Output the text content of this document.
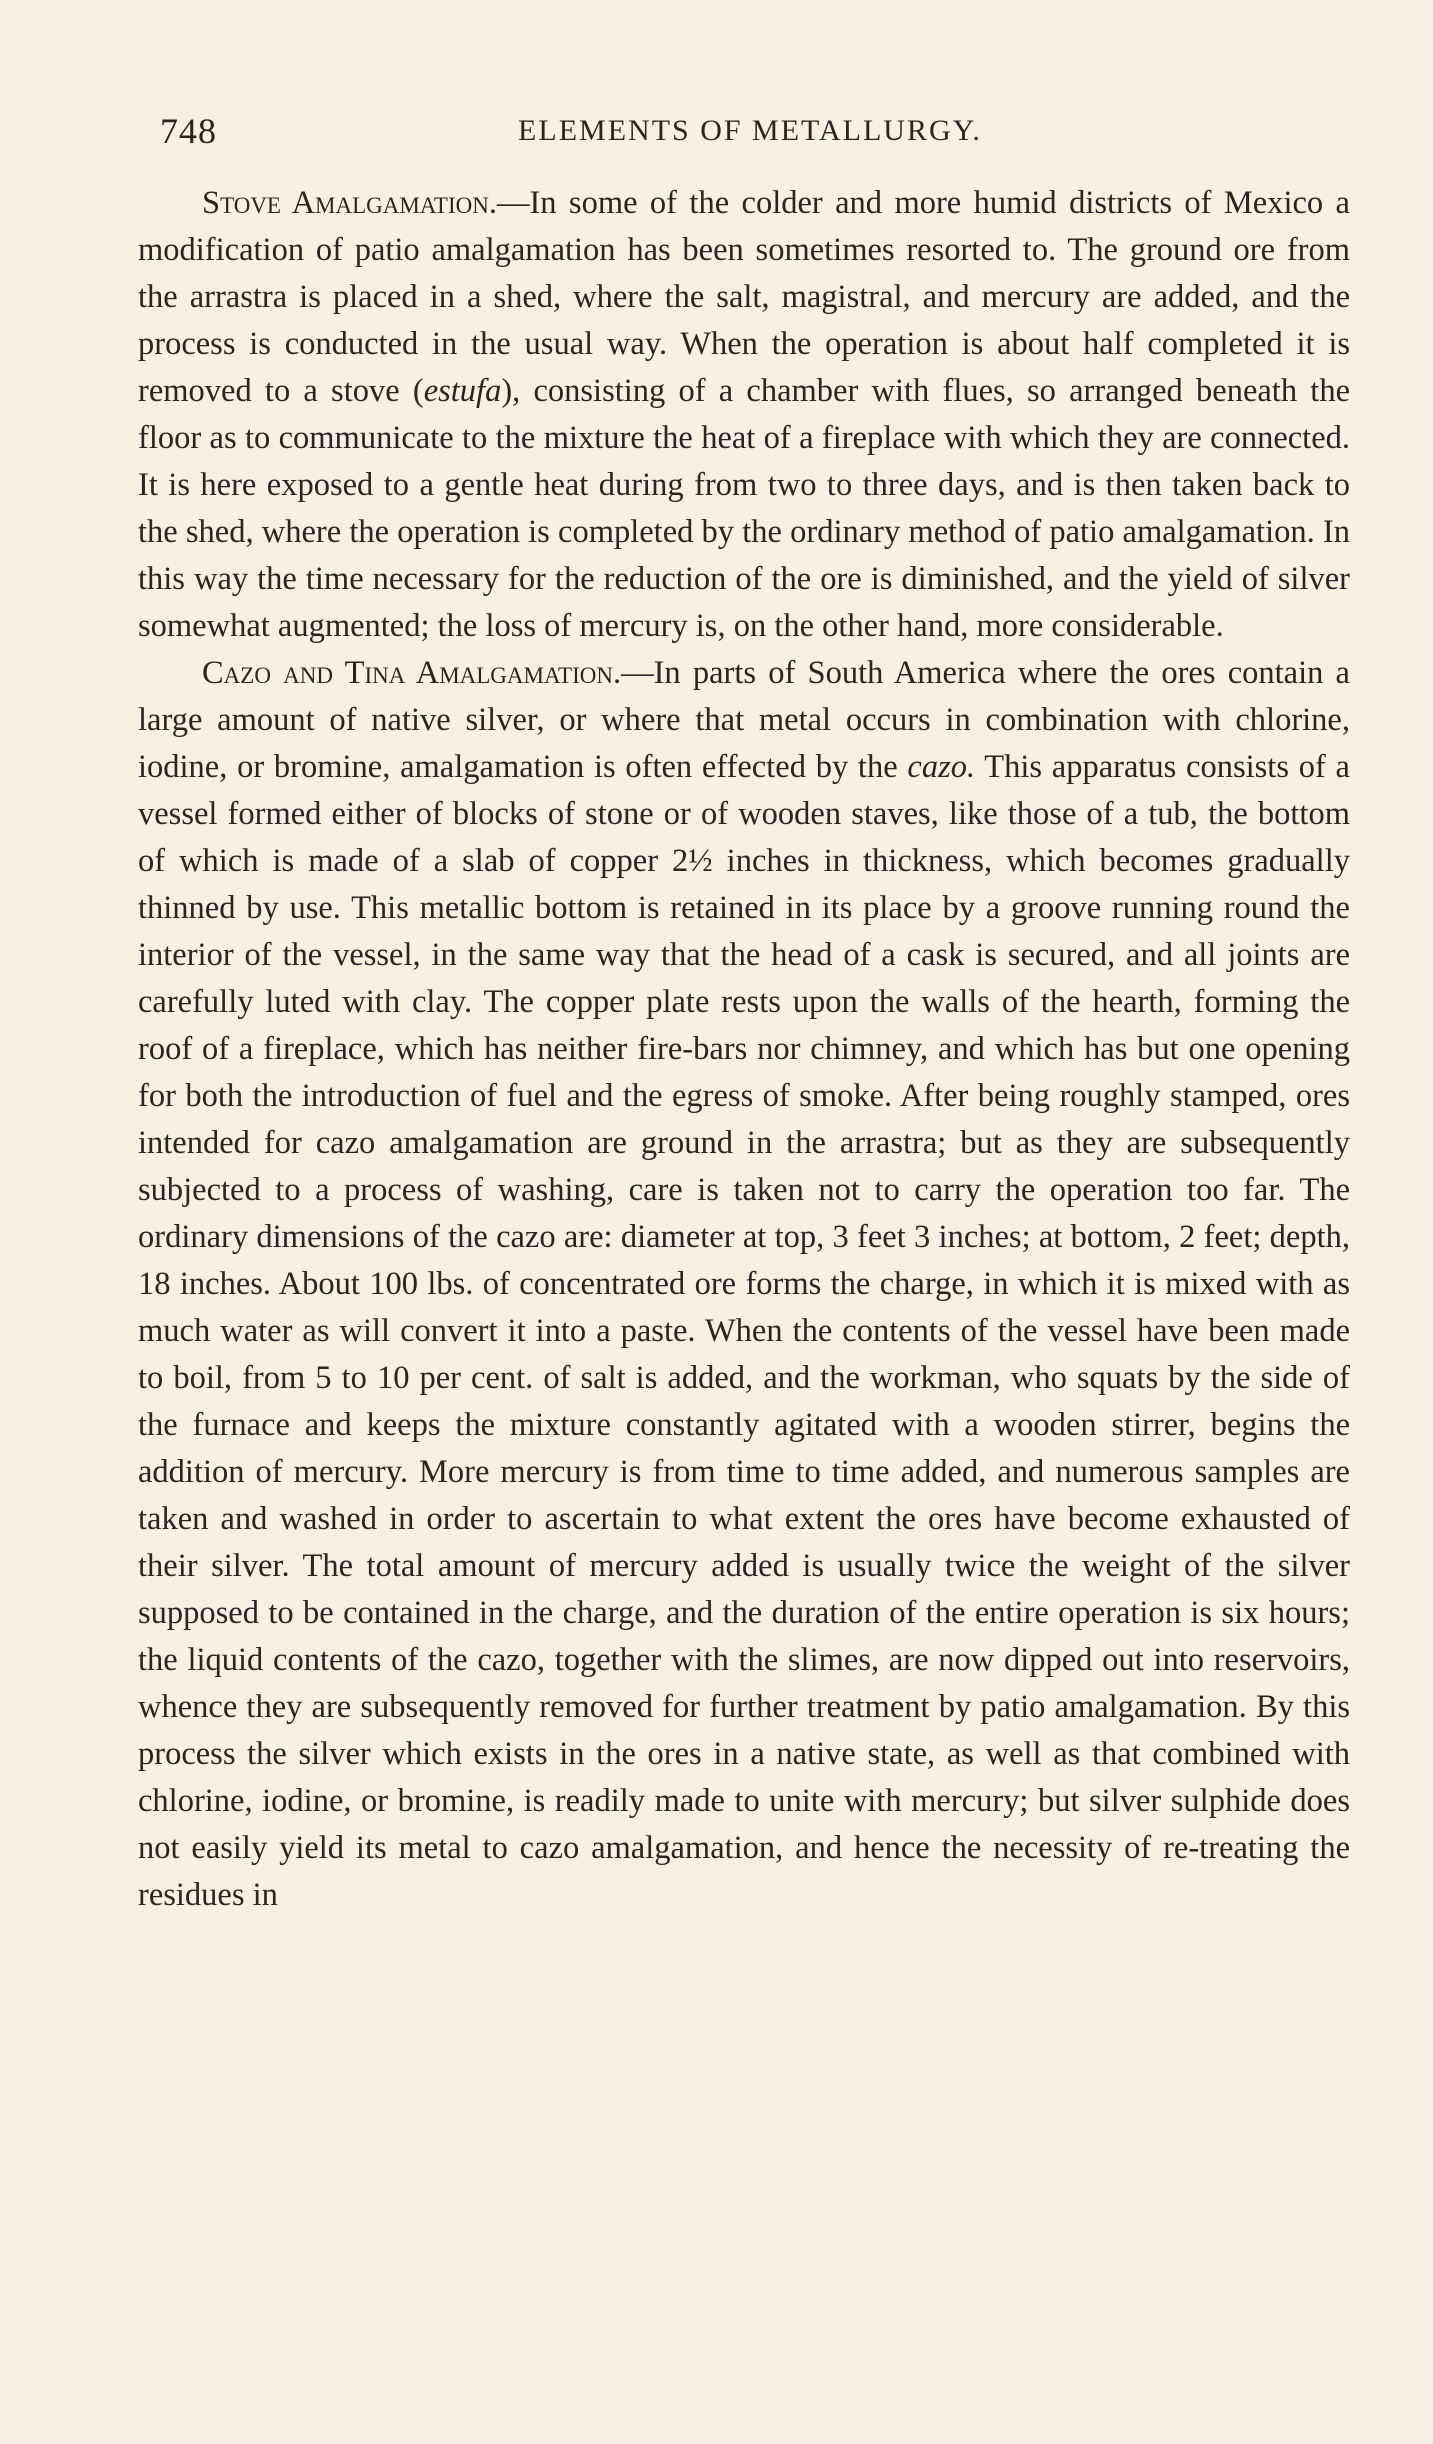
748	ELEMENTS OF METALLURGY.

Stove Amalgamation.—In some of the colder and more humid districts of Mexico a modification of patio amalgamation has been sometimes resorted to. The ground ore from the arrastra is placed in a shed, where the salt, magistral, and mercury are added, and the process is conducted in the usual way. When the operation is about half completed it is removed to a stove (estufa), consisting of a chamber with flues, so arranged beneath the floor as to communicate to the mixture the heat of a fireplace with which they are connected. It is here exposed to a gentle heat during from two to three days, and is then taken back to the shed, where the operation is completed by the ordinary method of patio amalgamation. In this way the time necessary for the reduction of the ore is diminished, and the yield of silver somewhat augmented; the loss of mercury is, on the other hand, more considerable.

Cazo and Tina Amalgamation.—In parts of South America where the ores contain a large amount of native silver, or where that metal occurs in combination with chlorine, iodine, or bromine, amalgamation is often effected by the cazo. This apparatus consists of a vessel formed either of blocks of stone or of wooden staves, like those of a tub, the bottom of which is made of a slab of copper 2½ inches in thickness, which becomes gradually thinned by use. This metallic bottom is retained in its place by a groove running round the interior of the vessel, in the same way that the head of a cask is secured, and all joints are carefully luted with clay. The copper plate rests upon the walls of the hearth, forming the roof of a fireplace, which has neither fire-bars nor chimney, and which has but one opening for both the introduction of fuel and the egress of smoke. After being roughly stamped, ores intended for cazo amalgamation are ground in the arrastra; but as they are subsequently subjected to a process of washing, care is taken not to carry the operation too far. The ordinary dimensions of the cazo are: diameter at top, 3 feet 3 inches; at bottom, 2 feet; depth, 18 inches. About 100 lbs. of concentrated ore forms the charge, in which it is mixed with as much water as will convert it into a paste. When the contents of the vessel have been made to boil, from 5 to 10 per cent. of salt is added, and the workman, who squats by the side of the furnace and keeps the mixture constantly agitated with a wooden stirrer, begins the addition of mercury. More mercury is from time to time added, and numerous samples are taken and washed in order to ascertain to what extent the ores have become exhausted of their silver. The total amount of mercury added is usually twice the weight of the silver supposed to be contained in the charge, and the duration of the entire operation is six hours; the liquid contents of the cazo, together with the slimes, are now dipped out into reservoirs, whence they are subsequently removed for further treatment by patio amalgamation. By this process the silver which exists in the ores in a native state, as well as that combined with chlorine, iodine, or bromine, is readily made to unite with mercury; but silver sulphide does not easily yield its metal to cazo amalgamation, and hence the necessity of re-treating the residues in
